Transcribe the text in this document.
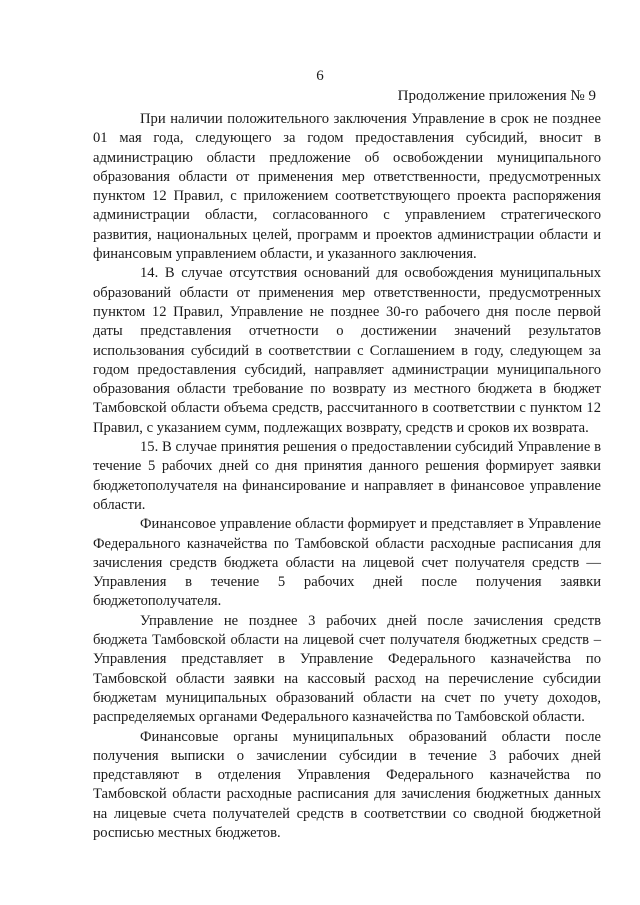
6
Продолжение приложения № 9

При наличии положительного заключения Управление в срок не позднее 01 мая года, следующего за годом предоставления субсидий, вносит в администрацию области предложение об освобождении муниципального образования области от применения мер ответственности, предусмотренных пунктом 12 Правил, с приложением соответствующего проекта распоряжения администрации области, согласованного с управлением стратегического развития, национальных целей, программ и проектов администрации области и финансовым управлением области, и указанного заключения.

14. В случае отсутствия оснований для освобождения муниципальных образований области от применения мер ответственности, предусмотренных пунктом 12 Правил, Управление не позднее 30-го рабочего дня после первой даты представления отчетности о достижении значений результатов использования субсидий в соответствии с Соглашением в году, следующем за годом предоставления субсидий, направляет администрации муниципального образования области требование по возврату из местного бюджета в бюджет Тамбовской области объема средств, рассчитанного в соответствии с пунктом 12 Правил, с указанием сумм, подлежащих возврату, средств и сроков их возврата.

15. В случае принятия решения о предоставлении субсидий Управление в течение 5 рабочих дней со дня принятия данного решения формирует заявки бюджетополучателя на финансирование и направляет в финансовое управление области.

Финансовое управление области формирует и представляет в Управление Федерального казначейства по Тамбовской области расходные расписания для зачисления средств бюджета области на лицевой счет получателя средств — Управления в течение 5 рабочих дней после получения заявки бюджетополучателя.

Управление не позднее 3 рабочих дней после зачисления средств бюджета Тамбовской области на лицевой счет получателя бюджетных средств – Управления представляет в Управление Федерального казначейства по Тамбовской области заявки на кассовый расход на перечисление субсидии бюджетам муниципальных образований области на счет по учету доходов, распределяемых органами Федерального казначейства по Тамбовской области.

Финансовые органы муниципальных образований области после получения выписки о зачислении субсидии в течение 3 рабочих дней представляют в отделения Управления Федерального казначейства по Тамбовской области расходные расписания для зачисления бюджетных данных на лицевые счета получателей средств в соответствии со сводной бюджетной росписью местных бюджетов.
